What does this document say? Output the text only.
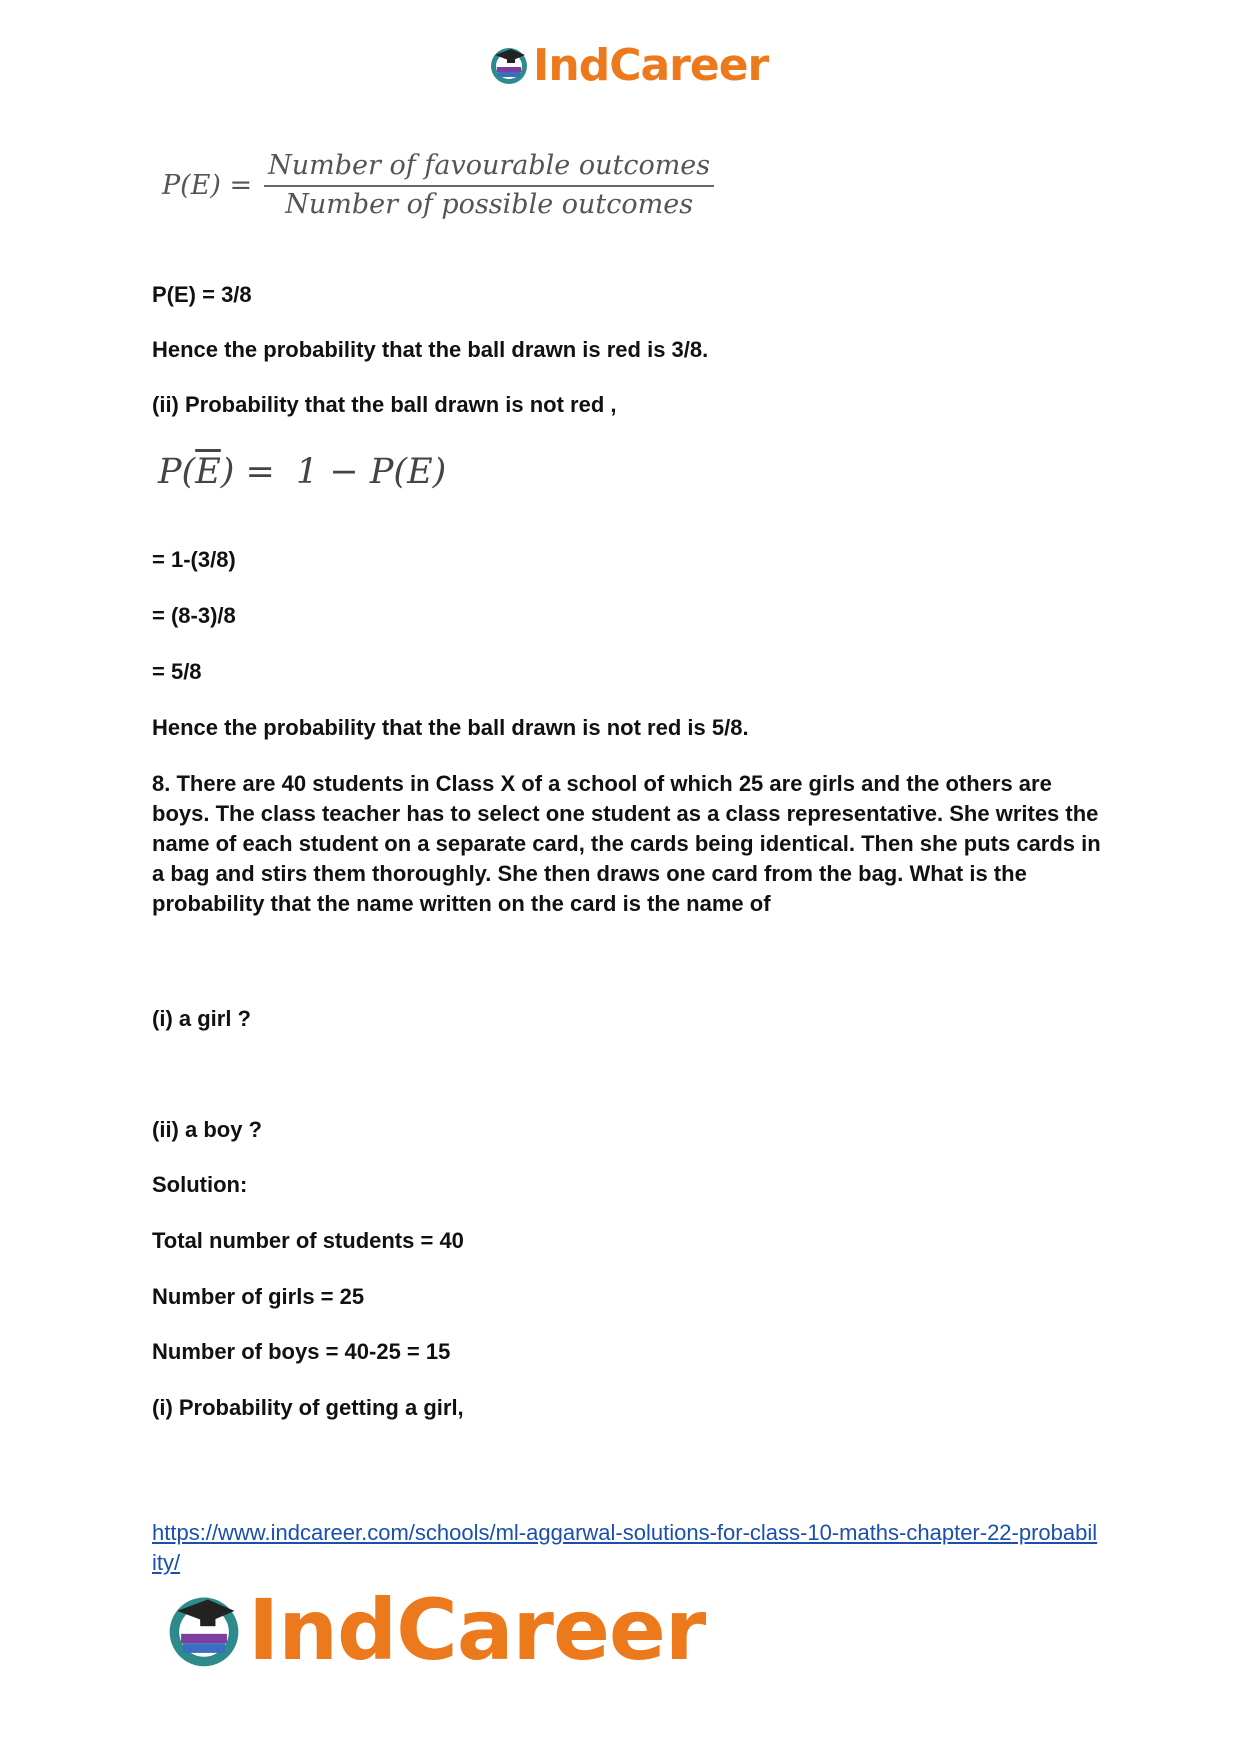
IndCareer
$P(E) = \frac{\text{Number of favourable outcomes}}{\text{Number of possible outcomes}}$
P(E) = 3/8
Hence the probability that the ball drawn is red is 3/8.
(ii) Probability that the ball drawn is not red ,
$P(\overline{E}) = 1 - P(E)$
= 1-(3/8)
= (8-3)/8
= 5/8
Hence the probability that the ball drawn is not red is 5/8.
8. There are 40 students in Class X of a school of which 25 are girls and the others are boys. The class teacher has to select one student as a class representative. She writes the name of each student on a separate card, the cards being identical. Then she puts cards in a bag and stirs them thoroughly. She then draws one card from the bag. What is the probability that the name written on the card is the name of
(i) a girl ?
(ii) a boy ?
Solution:
Total number of students = 40
Number of girls = 25
Number of boys = 40-25 = 15
(i) Probability of getting a girl,
https://www.indcareer.com/schools/ml-aggarwal-solutions-for-class-10-maths-chapter-22-probability/
IndCareer
